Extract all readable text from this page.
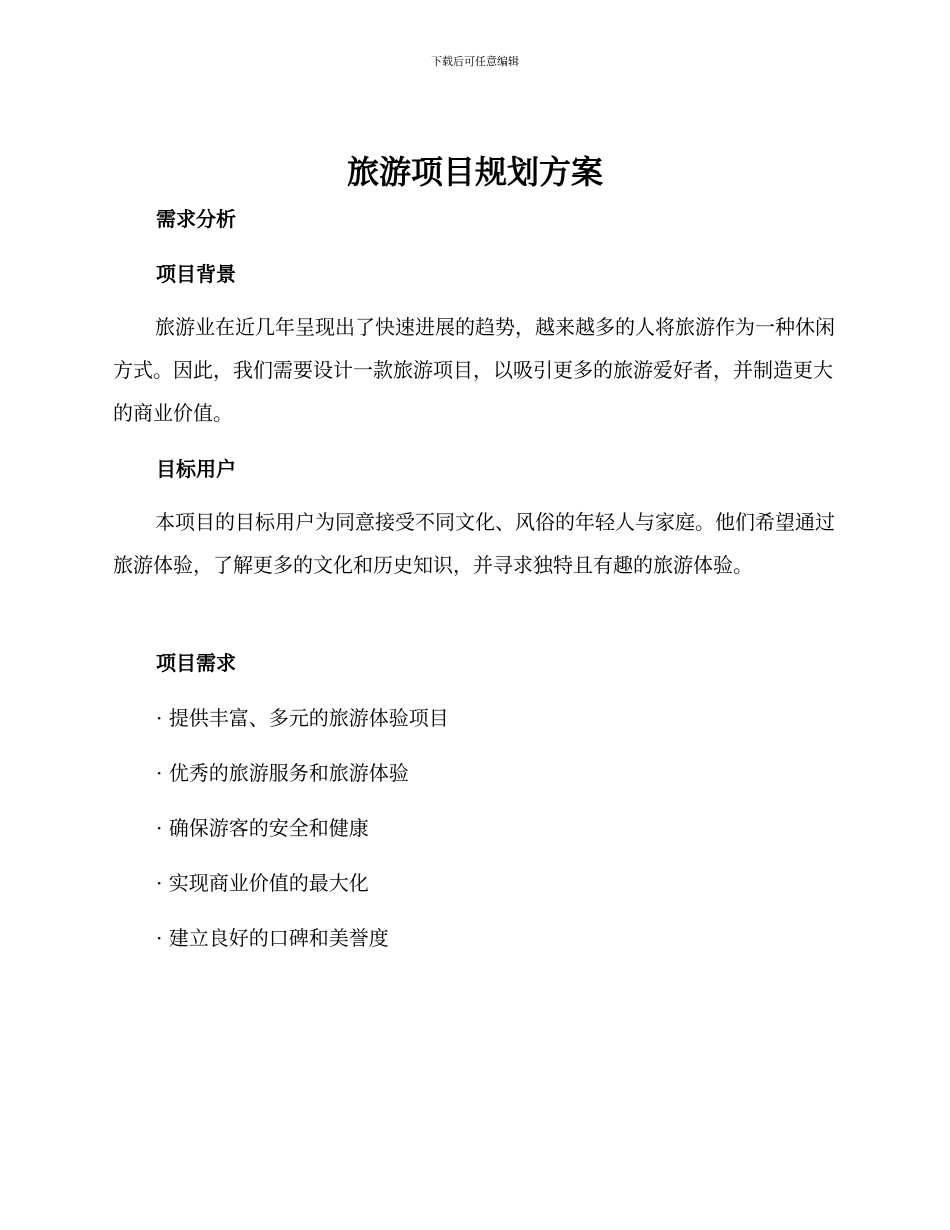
下载后可任意编辑
旅游项目规划方案
需求分析
项目背景

旅游业在近几年呈现出了快速进展的趋势，越来越多的人将旅游作为一种休闲方式。因此，我们需要设计一款旅游项目，以吸引更多的旅游爱好者，并制造更大的商业价值。

目标用户

本项目的目标用户为同意接受不同文化、风俗的年轻人与家庭。他们希望通过旅游体验，了解更多的文化和历史知识，并寻求独特且有趣的旅游体验。

项目需求

· 提供丰富、多元的旅游体验项目

· 优秀的旅游服务和旅游体验

· 确保游客的安全和健康

· 实现商业价值的最大化

· 建立良好的口碑和美誉度
